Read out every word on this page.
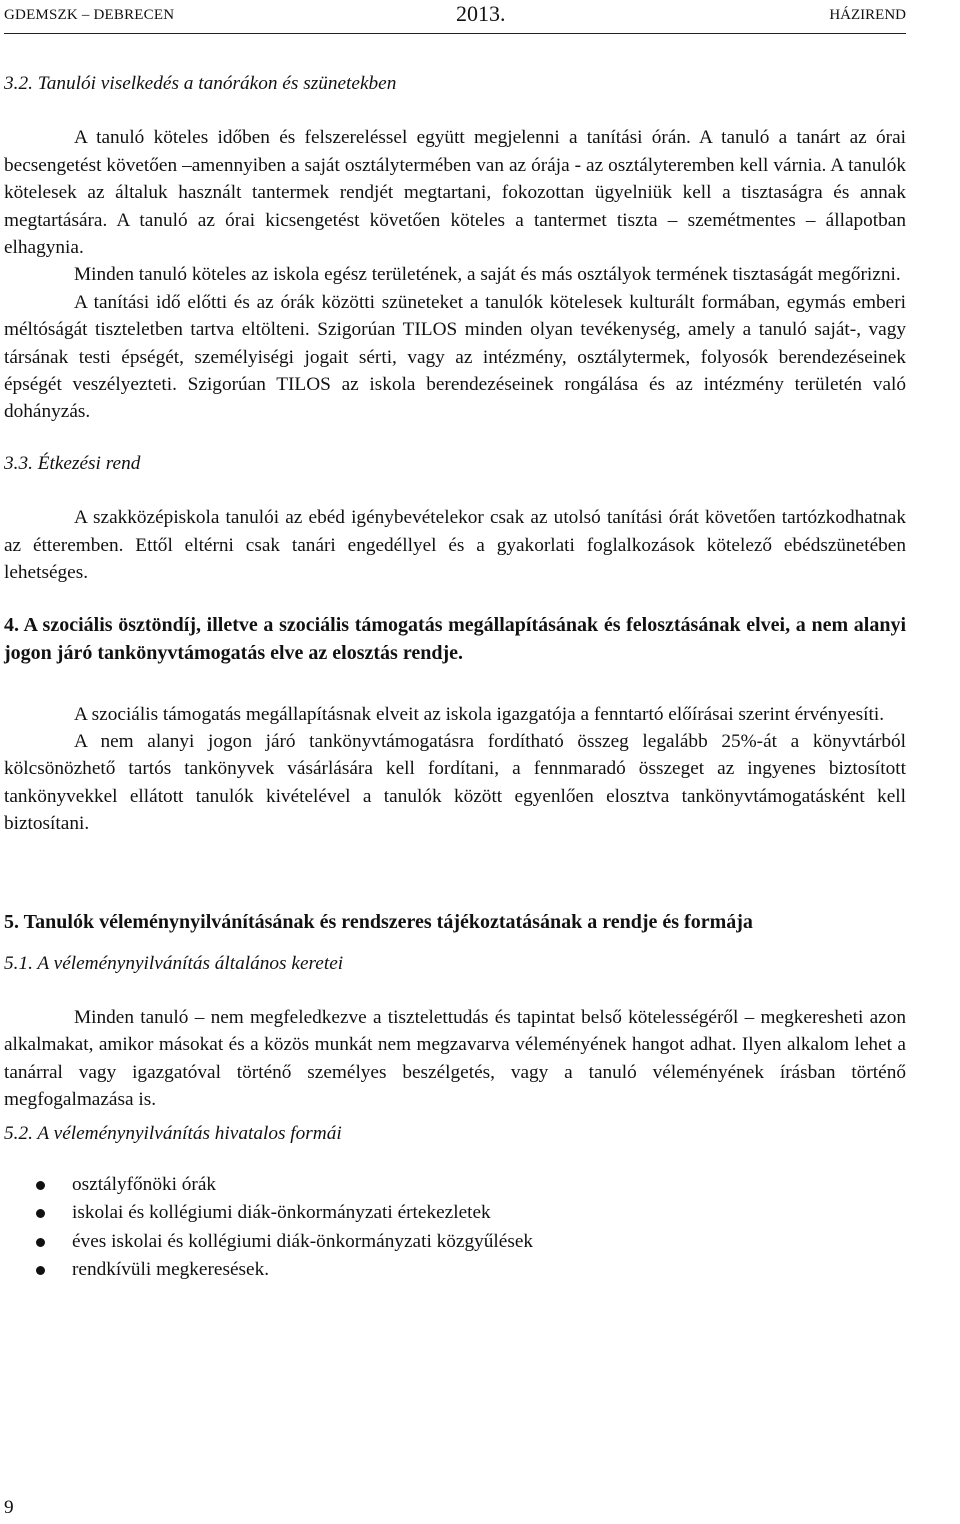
GDEMSZK – DEBRECEN	2013.	HÁZIREND
3.2. Tanulói viselkedés a tanórákon és szünetekben

A tanuló köteles időben és felszereléssel együtt megjelenni a tanítási órán. A tanuló a tanárt az órai becsengetést követően –amennyiben a saját osztálytermében van az órája - az osztályteremben kell várnia. A tanulók kötelesek az általuk használt tantermek rendjét megtartani, fokozottan ügyelniük kell a tisztaságra és annak megtartására. A tanuló az órai kicsengetést követően köteles a tantermet tiszta – szemétmentes – állapotban elhagynia.

Minden tanuló köteles az iskola egész területének, a saját és más osztályok termének tisztaságát megőrizni.

A tanítási idő előtti és az órák közötti szüneteket a tanulók kötelesek kulturált formában, egymás emberi méltóságát tiszteletben tartva eltölteni. Szigorúan TILOS minden olyan tevékenység, amely a tanuló saját-, vagy társának testi épségét, személyiségi jogait sérti, vagy az intézmény, osztálytermek, folyosók berendezéseinek épségét veszélyezteti. Szigorúan TILOS az iskola berendezéseinek rongálása és az intézmény területén való dohányzás.

3.3. Étkezési rend

A szakközépiskola tanulói az ebéd igénybevételekor csak az utolsó tanítási órát követően tartózkodhatnak az étteremben. Ettől eltérni csak tanári engedéllyel és a gyakorlati foglalkozások kötelező ebédszünetében lehetséges.

4. A szociális ösztöndíj, illetve a szociális támogatás megállapításának és felosztásának elvei, a nem alanyi jogon járó tankönyvtámogatás elve az elosztás rendje.

A szociális támogatás megállapításnak elveit az iskola igazgatója a fenntartó előírásai szerint érvényesíti.

A nem alanyi jogon járó tankönyvtámogatásra fordítható összeg legalább 25%-át a könyvtárból kölcsönözhető tartós tankönyvek vásárlására kell fordítani, a fennmaradó összeget az ingyenes biztosított tankönyvekkel ellátott tanulók kivételével a tanulók között egyenlően elosztva tankönyvtámogatásként kell biztosítani.

5. Tanulók véleménynyilvánításának és rendszeres tájékoztatásának a rendje és formája
5.1. A véleménynyilvánítás általános keretei

Minden tanuló – nem megfeledkezve a tisztelettudás és tapintat belső kötelességéről – megkeresheti azon alkalmakat, amikor másokat és a közös munkát nem megzavarva véleményének hangot adhat. Ilyen alkalom lehet a tanárral vagy igazgatóval történő személyes beszélgetés, vagy a tanuló véleményének írásban történő megfogalmazása is.

5.2. A véleménynyilvánítás hivatalos formái
osztályfőnöki órák
iskolai és kollégiumi diák-önkormányzati értekezletek
éves iskolai és kollégiumi diák-önkormányzati közgyűlések
rendkívüli megkeresések.
9
